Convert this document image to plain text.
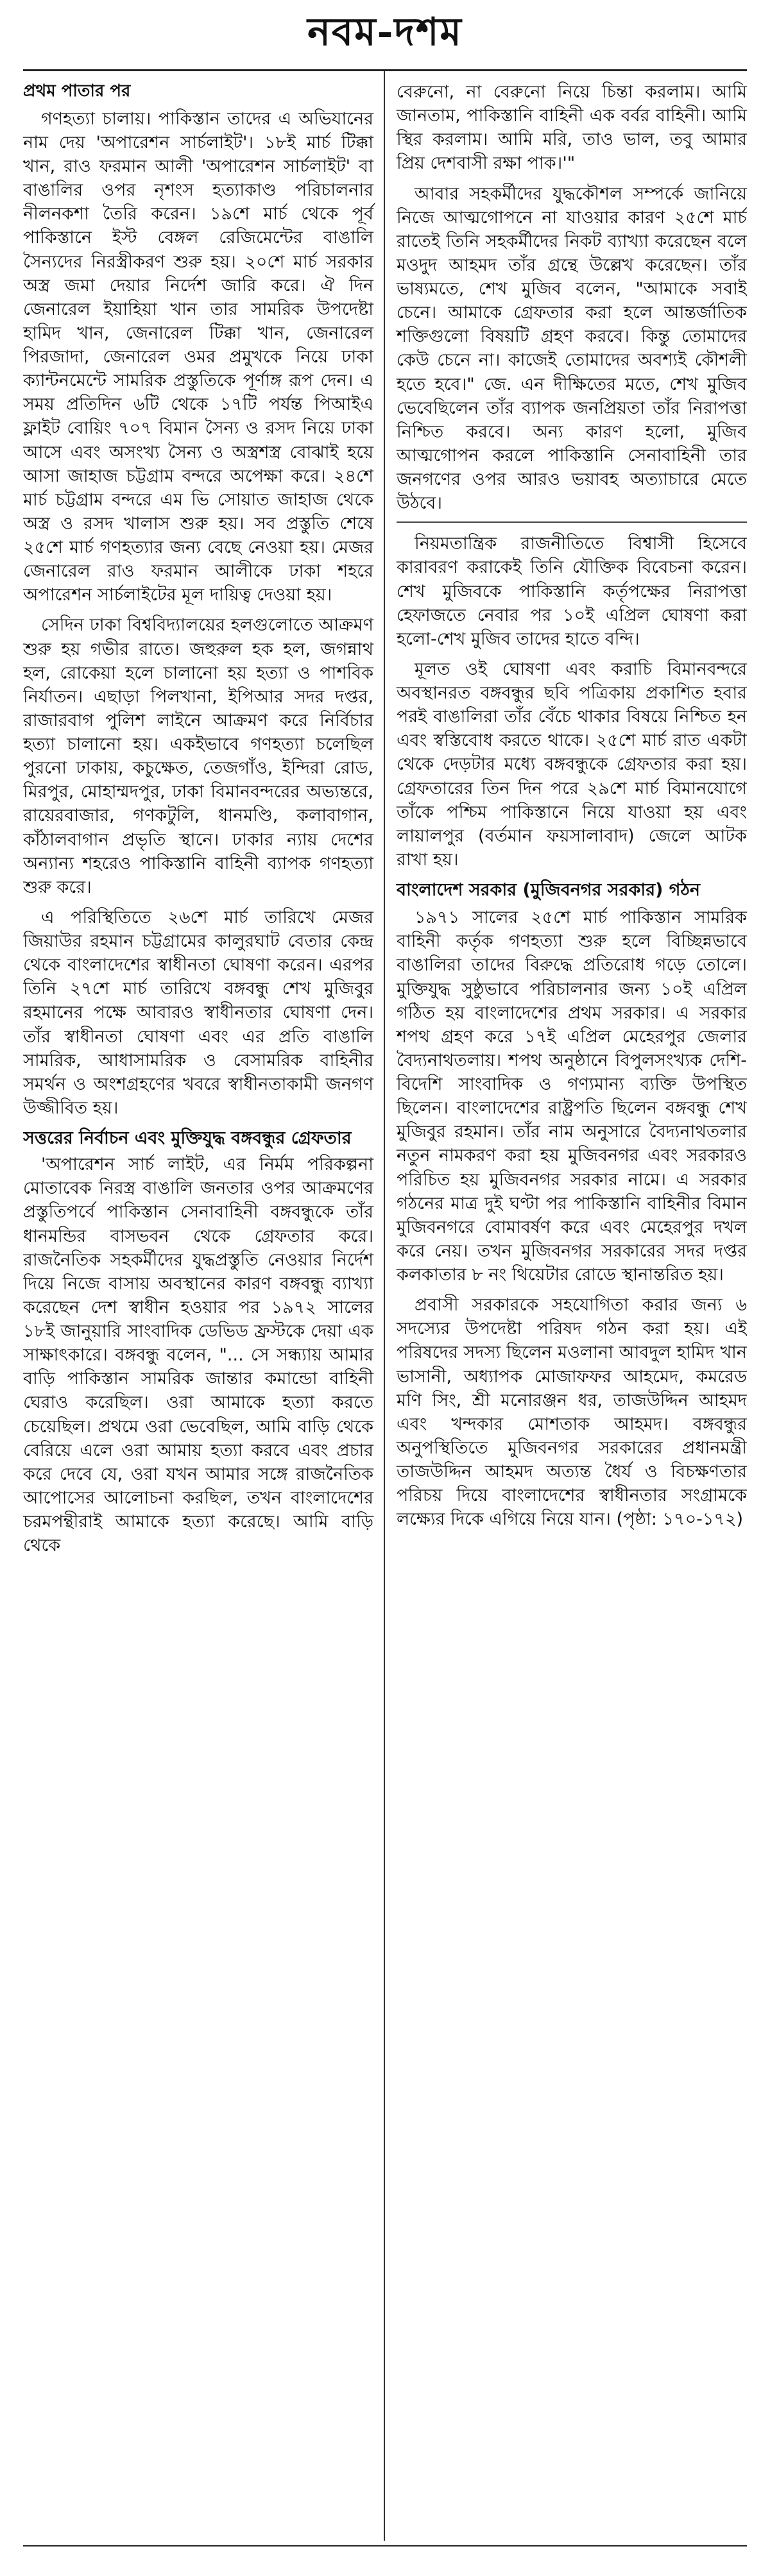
নবম-দশম

প্রথম পাতার পর

গণহত্যা চালায়। পাকিস্তান তাদের এ অভিযানের নাম দেয় 'অপারেশন সার্চলাইট'। ১৮ই মার্চ টিক্কা খান, রাও ফরমান আলী 'অপারেশন সার্চলাইট' বা বাঙালির ওপর নৃশংস হত্যাকাণ্ড পরিচালনার নীলনকশা তৈরি করেন। ১৯শে মার্চ থেকে পূর্ব পাকিস্তানে ইস্ট বেঙ্গল রেজিমেন্টের বাঙালি সৈন্যদের নিরস্ত্রীকরণ শুরু হয়। ২০শে মার্চ সরকার অস্ত্র জমা দেয়ার নির্দেশ জারি করে। ঐ দিন জেনারেল ইয়াহিয়া খান তার সামরিক উপদেষ্টা হামিদ খান, জেনারেল টিক্কা খান, জেনারেল পিরজাদা, জেনারেল ওমর প্রমুখকে নিয়ে ঢাকা ক্যান্টনমেন্টে সামরিক প্রস্তুতিকে পূর্ণাঙ্গ রূপ দেন। এ সময় প্রতিদিন ৬টি থেকে ১৭টি পর্যন্ত পিআইএ ফ্লাইট বোয়িং ৭০৭ বিমান সৈন্য ও রসদ নিয়ে ঢাকা আসে এবং অসংখ্য সৈন্য ও অস্ত্রশস্ত্র বোঝাই হয়ে আসা জাহাজ চট্টগ্রাম বন্দরে অপেক্ষা করে। ২৪শে মার্চ চট্টগ্রাম বন্দরে এম ভি সোয়াত জাহাজ থেকে অস্ত্র ও রসদ খালাস শুরু হয়। সব প্রস্তুতি শেষে ২৫শে মার্চ গণহত্যার জন্য বেছে নেওয়া হয়। মেজর জেনারেল রাও ফরমান আলীকে ঢাকা শহরে অপারেশন সার্চলাইটের মূল দায়িত্ব দেওয়া হয়।

সেদিন ঢাকা বিশ্ববিদ্যালয়ের হলগুলোতে আক্রমণ শুরু হয় গভীর রাতে। জহুরুল হক হল, জগন্নাথ হল, রোকেয়া হলে চালানো হয় হত্যা ও পাশবিক নির্যাতন। এছাড়া পিলখানা, ইপিআর সদর দপ্তর, রাজারবাগ পুলিশ লাইনে আক্রমণ করে নির্বিচার হত্যা চালানো হয়। একইভাবে গণহত্যা চলেছিল পুরনো ঢাকায়, কচুক্ষেত, তেজগাঁও, ইন্দিরা রোড, মিরপুর, মোহাম্মদপুর, ঢাকা বিমানবন্দরের অভ্যন্তরে, রায়েরবাজার, গণকটুলি, ধানমণ্ডি, কলাবাগান, কাঁঠালবাগান প্রভৃতি স্থানে। ঢাকার ন্যায় দেশের অন্যান্য শহরেও পাকিস্তানি বাহিনী ব্যাপক গণহত্যা শুরু করে।

এ পরিস্থিতিতে ২৬শে মার্চ তারিখে মেজর জিয়াউর রহমান চট্টগ্রামের কালুরঘাট বেতার কেন্দ্র থেকে বাংলাদেশের স্বাধীনতা ঘোষণা করেন। এরপর তিনি ২৭শে মার্চ তারিখে বঙ্গবন্ধু শেখ মুজিবুর রহমানের পক্ষে আবারও স্বাধীনতার ঘোষণা দেন। তাঁর স্বাধীনতা ঘোষণা এবং এর প্রতি বাঙালি সামরিক, আধাসামরিক ও বেসামরিক বাহিনীর সমর্থন ও অংশগ্রহণের খবরে স্বাধীনতাকামী জনগণ উজ্জীবিত হয়।

সত্তরের নির্বাচন এবং মুক্তিযুদ্ধ বঙ্গবন্ধুর গ্রেফতার

'অপারেশন সার্চ লাইট, এর নির্মম পরিকল্পনা মোতাবেক নিরস্ত্র বাঙালি জনতার ওপর আক্রমণের প্রস্তুতিপর্বে পাকিস্তান সেনাবাহিনী বঙ্গবন্ধুকে তাঁর ধানমন্ডির বাসভবন থেকে গ্রেফতার করে। রাজনৈতিক সহকর্মীদের যুদ্ধপ্রস্তুতি নেওয়ার নির্দেশ দিয়ে নিজে বাসায় অবস্থানের কারণ বঙ্গবন্ধু ব্যাখ্যা করেছেন দেশ স্বাধীন হওয়ার পর ১৯৭২ সালের ১৮ই জানুয়ারি সাংবাদিক ডেভিড ফ্রস্টকে দেয়া এক সাক্ষাৎকারে। বঙ্গবন্ধু বলেন, "... সে সন্ধ্যায় আমার বাড়ি পাকিস্তান সামরিক জান্তার কমান্ডো বাহিনী ঘেরাও করেছিল। ওরা আমাকে হত্যা করতে চেয়েছিল। প্রথমে ওরা ভেবেছিল, আমি বাড়ি থেকে বেরিয়ে এলে ওরা আমায় হত্যা করবে এবং প্রচার করে দেবে যে, ওরা যখন আমার সঙ্গে রাজনৈতিক আপোসের আলোচনা করছিল, তখন বাংলাদেশের চরমপন্থীরাই আমাকে হত্যা করেছে। আমি বাড়ি থেকে

বেরুনো, না বেরুনো নিয়ে চিন্তা করলাম। আমি জানতাম, পাকিস্তানি বাহিনী এক বর্বর বাহিনী। আমি স্থির করলাম। আমি মরি, তাও ভাল, তবু আমার প্রিয় দেশবাসী রক্ষা পাক।'"

আবার সহকর্মীদের যুদ্ধকৌশল সম্পর্কে জানিয়ে নিজে আত্মগোপনে না যাওয়ার কারণ ২৫শে মার্চ রাতেই তিনি সহকর্মীদের নিকট ব্যাখ্যা করেছেন বলে মওদুদ আহমদ তাঁর গ্রন্থে উল্লেখ করেছেন। তাঁর ভাষ্যমতে, শেখ মুজিব বলেন, "আমাকে সবাই চেনে। আমাকে গ্রেফতার করা হলে আন্তর্জাতিক শক্তিগুলো বিষয়টি গ্রহণ করবে। কিন্তু তোমাদের কেউ চেনে না। কাজেই তোমাদের অবশ্যই কৌশলী হতে হবে।" জে. এন দীক্ষিতের মতে, শেখ মুজিব ভেবেছিলেন তাঁর ব্যাপক জনপ্রিয়তা তাঁর নিরাপত্তা নিশ্চিত করবে। অন্য কারণ হলো, মুজিব আত্মগোপন করলে পাকিস্তানি সেনাবাহিনী তার জনগণের ওপর আরও ভয়াবহ অত্যাচারে মেতে উঠবে।

নিয়মতান্ত্রিক রাজনীতিতে বিশ্বাসী হিসেবে কারাবরণ করাকেই তিনি যৌক্তিক বিবেচনা করেন। শেখ মুজিবকে পাকিস্তানি কর্তৃপক্ষের নিরাপত্তা হেফাজতে নেবার পর ১০ই এপ্রিল ঘোষণা করা হলো-শেখ মুজিব তাদের হাতে বন্দি।

মূলত ওই ঘোষণা এবং করাচি বিমানবন্দরে অবস্থানরত বঙ্গবন্ধুর ছবি পত্রিকায় প্রকাশিত হবার পরই বাঙালিরা তাঁর বেঁচে থাকার বিষয়ে নিশ্চিত হন এবং স্বস্তিবোধ করতে থাকে। ২৫শে মার্চ রাত একটা থেকে দেড়টার মধ্যে বঙ্গবন্ধুকে গ্রেফতার করা হয়। গ্রেফতারের তিন দিন পরে ২৯শে মার্চ বিমানযোগে তাঁকে পশ্চিম পাকিস্তানে নিয়ে যাওয়া হয় এবং লায়ালপুর (বর্তমান ফয়সালাবাদ) জেলে আটক রাখা হয়।

বাংলাদেশ সরকার (মুজিবনগর সরকার) গঠন

১৯৭১ সালের ২৫শে মার্চ পাকিস্তান সামরিক বাহিনী কর্তৃক গণহত্যা শুরু হলে বিচ্ছিন্নভাবে বাঙালিরা তাদের বিরুদ্ধে প্রতিরোধ গড়ে তোলে। মুক্তিযুদ্ধ সুষ্ঠুভাবে পরিচালনার জন্য ১০ই এপ্রিল গঠিত হয় বাংলাদেশের প্রথম সরকার। এ সরকার শপথ গ্রহণ করে ১৭ই এপ্রিল মেহেরপুর জেলার বৈদ্যনাথতলায়। শপথ অনুষ্ঠানে বিপুলসংখ্যক দেশি-বিদেশি সাংবাদিক ও গণ্যমান্য ব্যক্তি উপস্থিত ছিলেন। বাংলাদেশের রাষ্ট্রপতি ছিলেন বঙ্গবন্ধু শেখ মুজিবুর রহমান। তাঁর নাম অনুসারে বৈদ্যনাথতলার নতুন নামকরণ করা হয় মুজিবনগর এবং সরকারও পরিচিত হয় মুজিবনগর সরকার নামে। এ সরকার গঠনের মাত্র দুই ঘণ্টা পর পাকিস্তানি বাহিনীর বিমান মুজিবনগরে বোমাবর্ষণ করে এবং মেহেরপুর দখল করে নেয়। তখন মুজিবনগর সরকারের সদর দপ্তর কলকাতার ৮ নং থিয়েটার রোডে স্থানান্তরিত হয়।

প্রবাসী সরকারকে সহযোগিতা করার জন্য ৬ সদস্যের উপদেষ্টা পরিষদ গঠন করা হয়। এই পরিষদের সদস্য ছিলেন মওলানা আবদুল হামিদ খান ভাসানী, অধ্যাপক মোজাফফর আহমেদ, কমরেড মণি সিং, শ্রী মনোরঞ্জন ধর, তাজউদ্দিন আহমদ এবং খন্দকার মোশতাক আহমদ। বঙ্গবন্ধুর অনুপস্থিতিতে মুজিবনগর সরকারের প্রধানমন্ত্রী তাজউদ্দিন আহমদ অত্যন্ত ধৈর্য ও বিচক্ষণতার পরিচয় দিয়ে বাংলাদেশের স্বাধীনতার সংগ্রামকে লক্ষ্যের দিকে এগিয়ে নিয়ে যান। (পৃষ্ঠা: ১৭০-১৭২)
